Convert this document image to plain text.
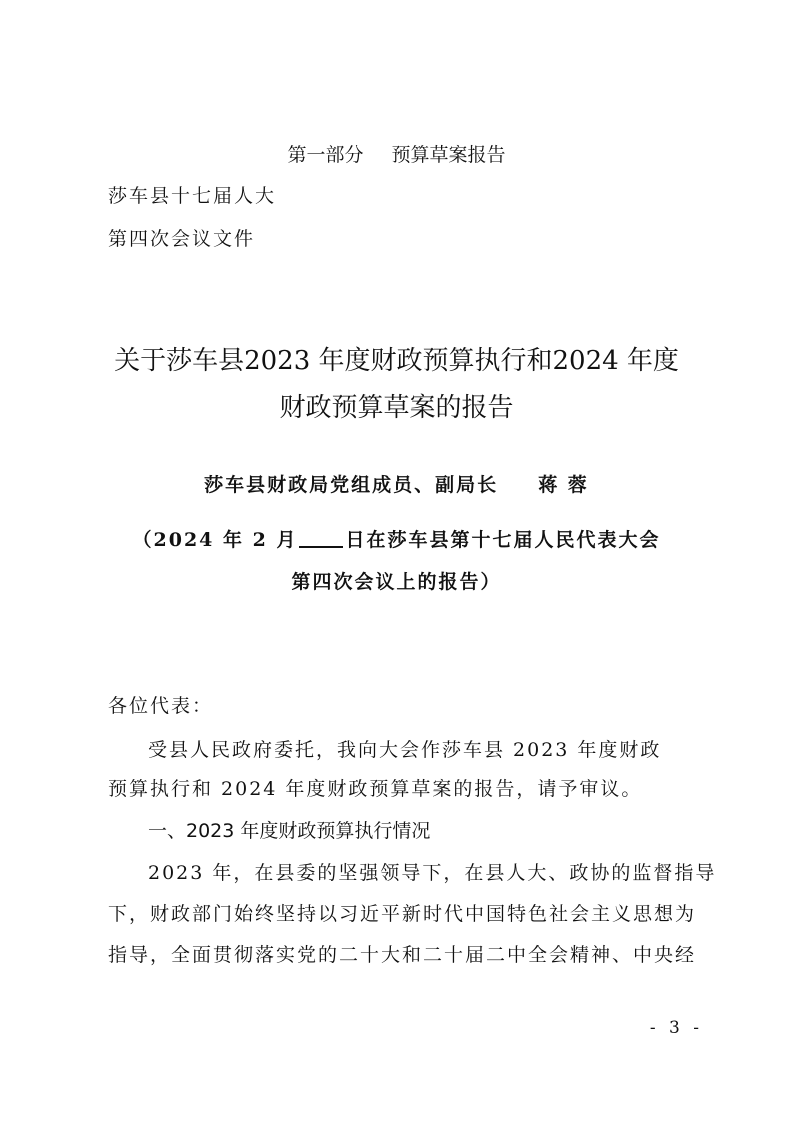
第一部分 预算草案报告
莎车县十七届人大
第四次会议文件
关于莎车县2023 年度财政预算执行和2024 年度
财政预算草案的报告
莎车县财政局党组成员、副局长 蒋 蓉
（2024 年 2 月	日在莎车县第十七届人民代表大会
第四次会议上的报告）
各位代表：
受县人民政府委托，我向大会作莎车县 2023 年度财政
预算执行和 2024 年度财政预算草案的报告，请予审议。
一、2023 年度财政预算执行情况
2023 年，在县委的坚强领导下，在县人大、政协的监督指导
下，财政部门始终坚持以习近平新时代中国特色社会主义思想为
指导，全面贯彻落实党的二十大和二十届二中全会精神、中央经
- 3 -
